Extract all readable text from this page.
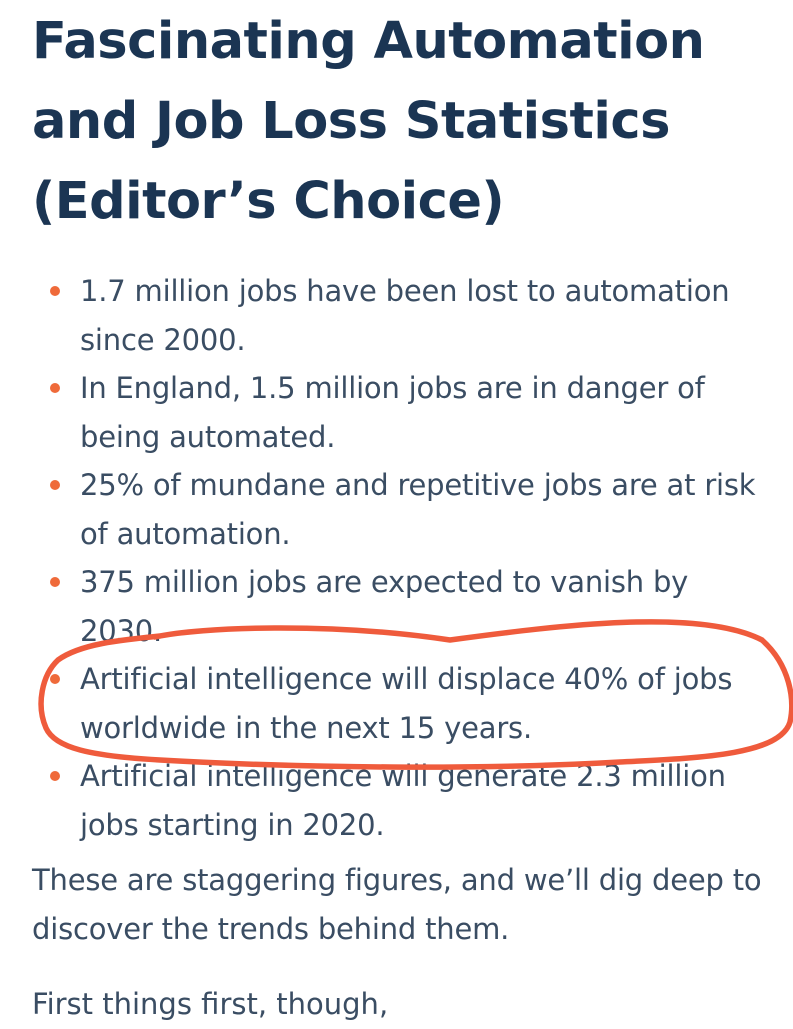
Fascinating Automation and Job Loss Statistics (Editor’s Choice)
1.7 million jobs have been lost to automation since 2000.
In England, 1.5 million jobs are in danger of being automated.
25% of mundane and repetitive jobs are at risk of automation.
375 million jobs are expected to vanish by 2030.
Artificial intelligence will displace 40% of jobs worldwide in the next 15 years.
Artificial intelligence will generate 2.3 million jobs starting in 2020.

These are staggering figures, and we’ll dig deep to discover the trends behind them.

First things first, though,
